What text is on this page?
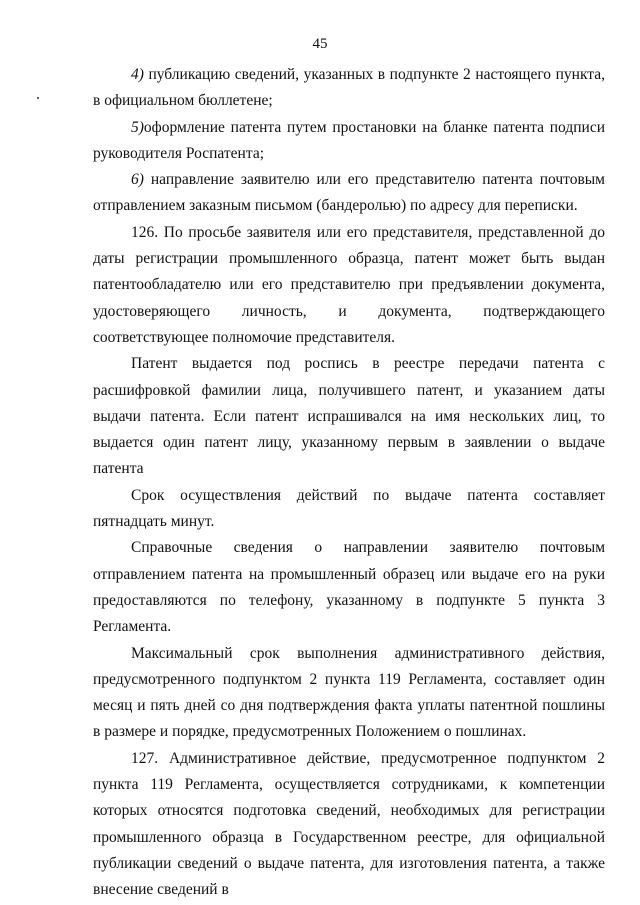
45

4) публикацию сведений, указанных в подпункте 2 настоящего пункта, в официальном бюллетене;

5)оформление патента путем простановки на бланке патента подписи руководителя Роспатента;

6) направление заявителю или его представителю патента почтовым отправлением заказным письмом (бандеролью) по адресу для переписки.

126. По просьбе заявителя или его представителя, представленной до даты регистрации промышленного образца, патент может быть выдан патентообладателю или его представителю при предъявлении документа, удостоверяющего личность, и документа, подтверждающего соответствующее полномочие представителя.

Патент выдается под роспись в реестре передачи патента с расшифровкой фамилии лица, получившего патент, и указанием даты выдачи патента. Если патент испрашивался на имя нескольких лиц, то выдается один патент лицу, указанному первым в заявлении о выдаче патента

Срок осуществления действий по выдаче патента составляет пятнадцать минут.

Справочные сведения о направлении заявителю почтовым отправлением патента на промышленный образец или выдаче его на руки предоставляются по телефону, указанному в подпункте 5 пункта 3 Регламента.

Максимальный срок выполнения административного действия, предусмотренного подпунктом 2 пункта 119 Регламента, составляет один месяц и пять дней со дня подтверждения факта уплаты патентной пошлины в размере и порядке, предусмотренных Положением о пошлинах.

127. Административное действие, предусмотренное подпунктом 2 пункта 119 Регламента, осуществляется сотрудниками, к компетенции которых относятся подготовка сведений, необходимых для регистрации промышленного образца в Государственном реестре, для официальной публикации сведений о выдаче патента, для изготовления патента, а также внесение сведений в
